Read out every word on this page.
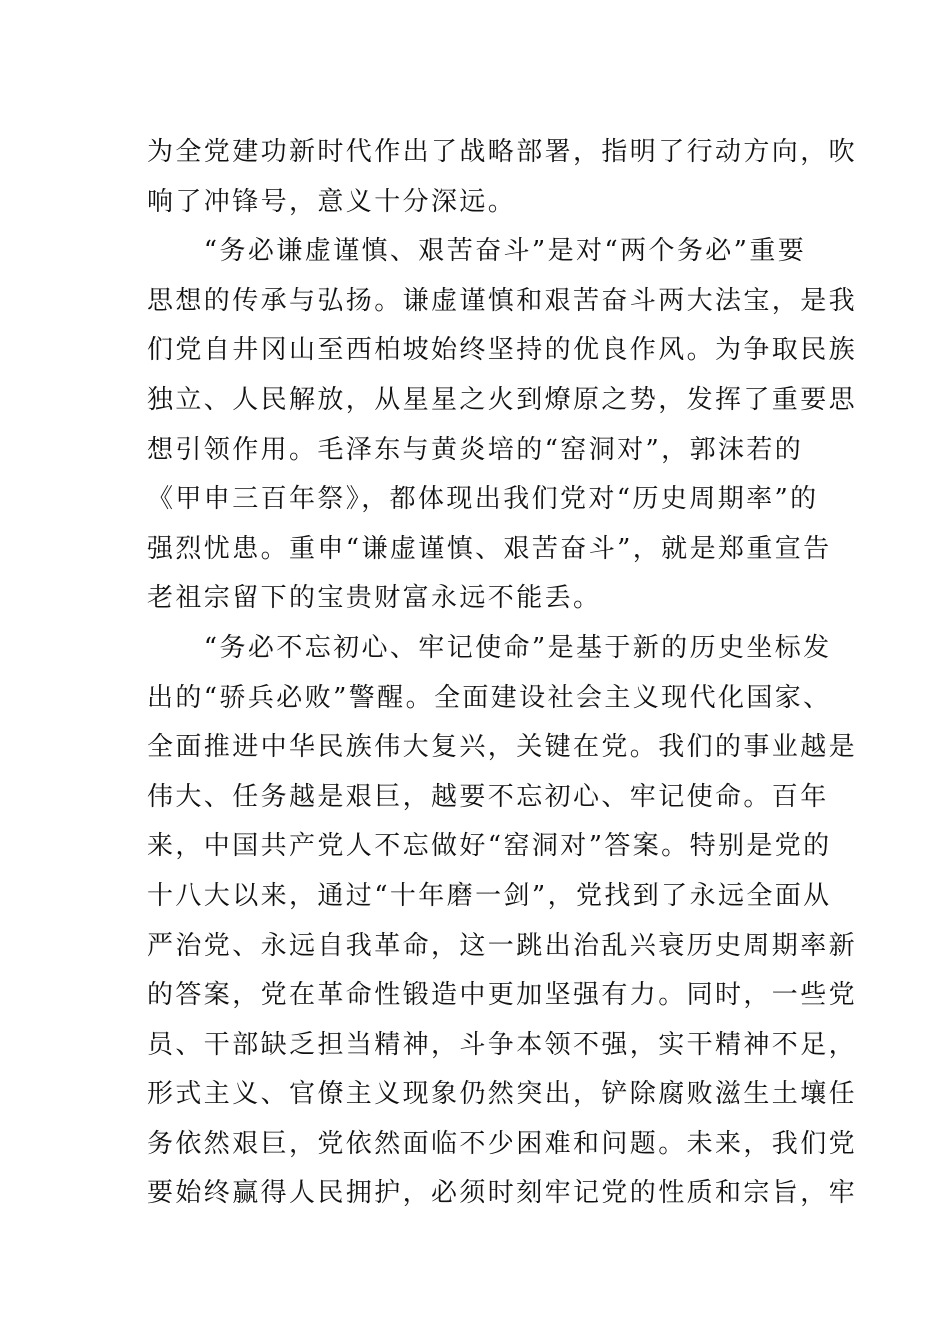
为全党建功新时代作出了战略部署，指明了行动方向，吹
响了冲锋号，意义十分深远。
　　“务必谦虚谨慎、艰苦奋斗”是对“两个务必”重要
思想的传承与弘扬。谦虚谨慎和艰苦奋斗两大法宝，是我
们党自井冈山至西柏坡始终坚持的优良作风。为争取民族
独立、人民解放，从星星之火到燎原之势，发挥了重要思
想引领作用。毛泽东与黄炎培的“窑洞对”，郭沫若的
《甲申三百年祭》，都体现出我们党对“历史周期率”的
强烈忧患。重申“谦虚谨慎、艰苦奋斗”，就是郑重宣告
老祖宗留下的宝贵财富永远不能丢。
　　“务必不忘初心、牢记使命”是基于新的历史坐标发
出的“骄兵必败”警醒。全面建设社会主义现代化国家、
全面推进中华民族伟大复兴，关键在党。我们的事业越是
伟大、任务越是艰巨，越要不忘初心、牢记使命。百年
来，中国共产党人不忘做好“窑洞对”答案。特别是党的
十八大以来，通过“十年磨一剑”，党找到了永远全面从
严治党、永远自我革命，这一跳出治乱兴衰历史周期率新
的答案，党在革命性锻造中更加坚强有力。同时，一些党
员、干部缺乏担当精神，斗争本领不强，实干精神不足，
形式主义、官僚主义现象仍然突出，铲除腐败滋生土壤任
务依然艰巨，党依然面临不少困难和问题。未来，我们党
要始终赢得人民拥护，必须时刻牢记党的性质和宗旨，牢
